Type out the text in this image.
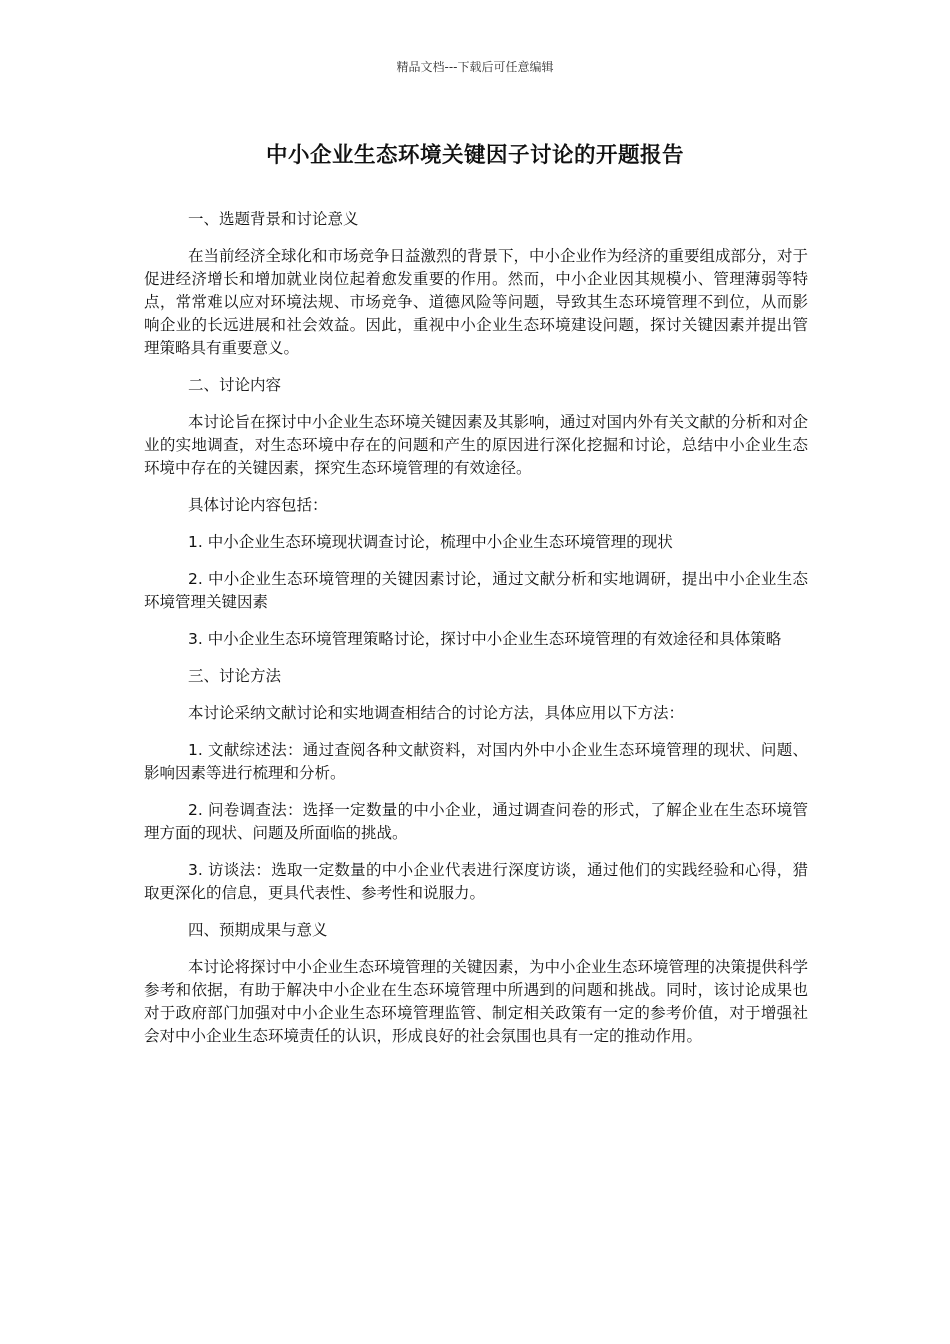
精品文档---下载后可任意编辑
中小企业生态环境关键因子讨论的开题报告

一、选题背景和讨论意义

在当前经济全球化和市场竞争日益激烈的背景下，中小企业作为经济的重要组成部分，对于促进经济增长和增加就业岗位起着愈发重要的作用。然而，中小企业因其规模小、管理薄弱等特点，常常难以应对环境法规、市场竞争、道德风险等问题，导致其生态环境管理不到位，从而影响企业的长远进展和社会效益。因此，重视中小企业生态环境建设问题，探讨关键因素并提出管理策略具有重要意义。

二、讨论内容

本讨论旨在探讨中小企业生态环境关键因素及其影响，通过对国内外有关文献的分析和对企业的实地调查，对生态环境中存在的问题和产生的原因进行深化挖掘和讨论，总结中小企业生态环境中存在的关键因素，探究生态环境管理的有效途径。

具体讨论内容包括：

1. 中小企业生态环境现状调查讨论，梳理中小企业生态环境管理的现状

2. 中小企业生态环境管理的关键因素讨论，通过文献分析和实地调研，提出中小企业生态环境管理关键因素

3. 中小企业生态环境管理策略讨论，探讨中小企业生态环境管理的有效途径和具体策略

三、讨论方法

本讨论采纳文献讨论和实地调查相结合的讨论方法，具体应用以下方法：

1. 文献综述法：通过查阅各种文献资料，对国内外中小企业生态环境管理的现状、问题、影响因素等进行梳理和分析。

2. 问卷调查法：选择一定数量的中小企业，通过调查问卷的形式，了解企业在生态环境管理方面的现状、问题及所面临的挑战。

3. 访谈法：选取一定数量的中小企业代表进行深度访谈，通过他们的实践经验和心得，猎取更深化的信息，更具代表性、参考性和说服力。

四、预期成果与意义

本讨论将探讨中小企业生态环境管理的关键因素，为中小企业生态环境管理的决策提供科学参考和依据，有助于解决中小企业在生态环境管理中所遇到的问题和挑战。同时，该讨论成果也对于政府部门加强对中小企业生态环境管理监管、制定相关政策有一定的参考价值，对于增强社会对中小企业生态环境责任的认识，形成良好的社会氛围也具有一定的推动作用。
